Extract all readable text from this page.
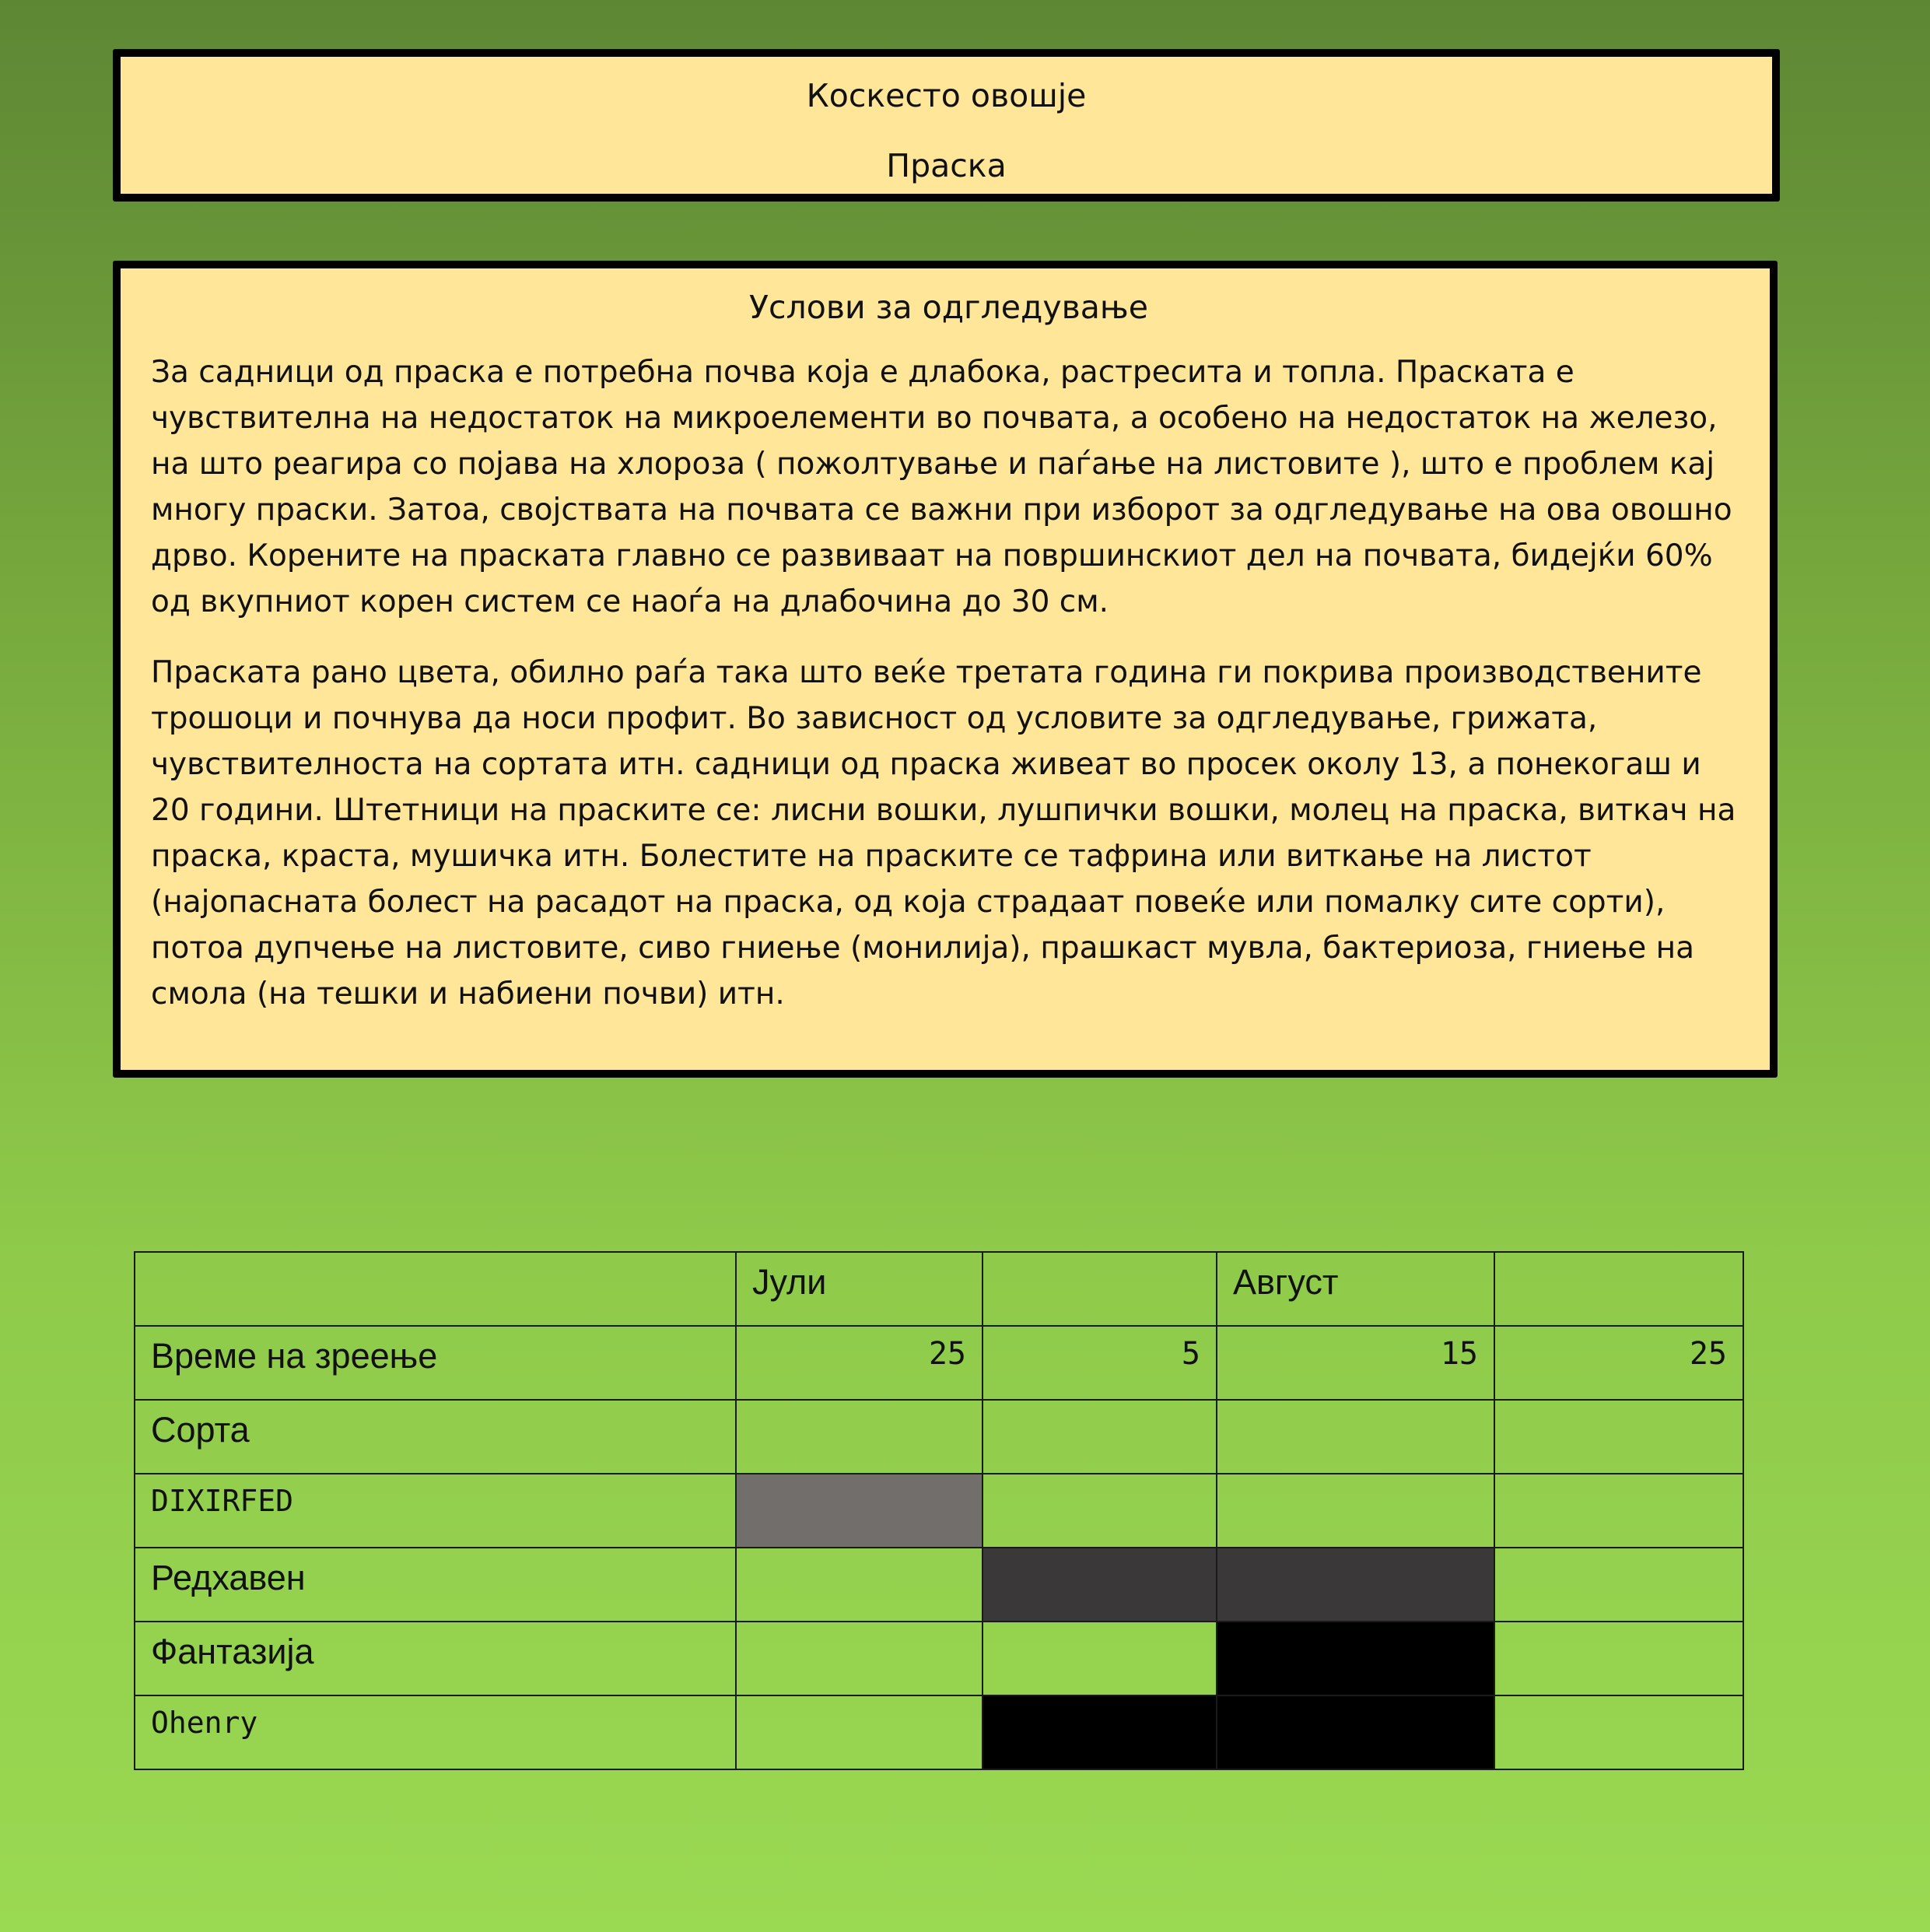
Коскесто овошје
Праска
Услови за одгледување

За садници од праска е потребна почва која е длабока, растресита и топла. Праската е чувствителна на недостаток на микроелементи во почвата, а особено на недостаток на железо, на што реагира со појава на хлороза ( пожолтување и паѓање на листовите ), што е проблем кај многу праски. Затоа, својствата на почвата се важни при изборот за одгледување на ова овошно дрво. Корените на праската главно се развиваат на површинскиот дел на почвата, бидејќи 60% од вкупниот корен систем се наоѓа на длабочина до 30 см.

Праската рано цвета, обилно раѓа така што веќе третата година ги покрива производствените трошоци и почнува да носи профит. Во зависност од условите за одгледување, грижата, чувствителноста на сортата итн. садници од праска живеат во просек околу 13, а понекогаш и 20 години. Штетници на праските се: лисни вошки, лушпички вошки, молец на праска, виткач на праска, краста, мушичка итн. Болестите на праските се тафрина или виткање на листот (најопасната болест на расадот на праска, од која страдаат повеќе или помалку сите сорти), потоа дупчење на листовите, сиво гниење (монилија), прашкаст мувла, бактериоза, гниење на смола (на тешки и набиени почви) итн.

	Јули		Август	

Време на зреење	25	5	15	25

Сорта				

DIXIRFED				

Редхавен				

Фантазија				

Ohenry				
